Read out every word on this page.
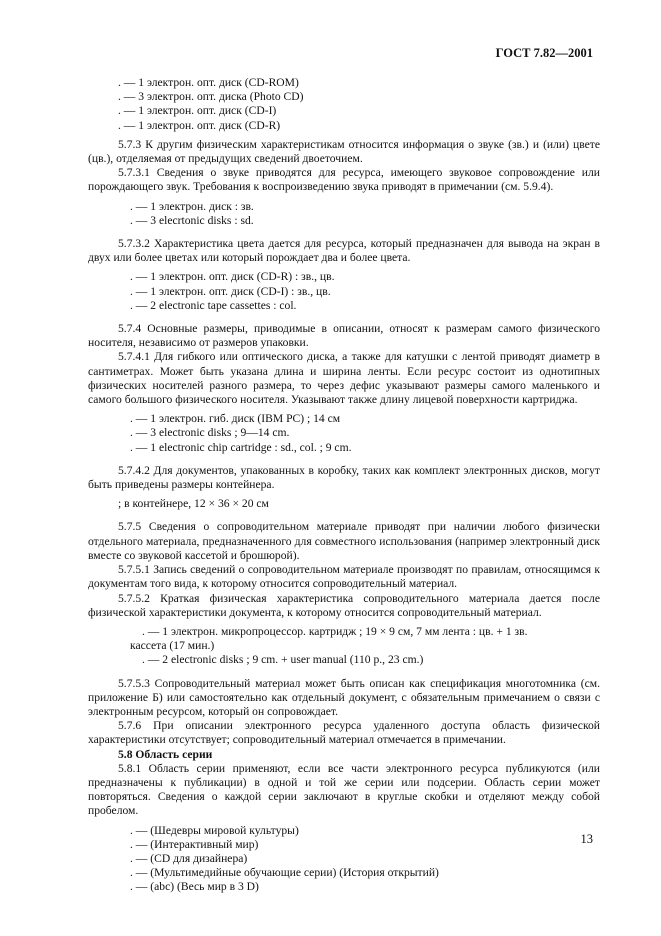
ГОСТ 7.82—2001

. — 1 электрон. опт. диск (CD-ROM)

. — 3 электрон. опт. диска (Photo CD)

. — 1 электрон. опт. диск (CD-I)

. — 1 электрон. опт. диск (CD-R)

5.7.3 К другим физическим характеристикам относится информация о звуке (зв.) и (или) цвете (цв.), отделяемая от предыдущих сведений двоеточием.

5.7.3.1 Сведения о звуке приводятся для ресурса, имеющего звуковое сопровождение или порождающего звук. Требования к воспроизведению звука приводят в примечании (см. 5.9.4).

. — 1 электрон. диск : зв.

. — 3 elecrtonic disks : sd.

5.7.3.2 Характеристика цвета дается для ресурса, который предназначен для вывода на экран в двух или более цветах или который порождает два и более цвета.

. — 1 электрон. опт. диск (CD-R) : зв., цв.

. — 1 электрон. опт. диск (CD-I) : зв., цв.

. — 2 electronic tape cassettes : col.

5.7.4 Основные размеры, приводимые в описании, относят к размерам самого физического носителя, независимо от размеров упаковки.

5.7.4.1 Для гибкого или оптического диска, а также для катушки с лентой приводят диаметр в сантиметрах. Может быть указана длина и ширина ленты. Если ресурс состоит из однотипных физических носителей разного размера, то через дефис указывают размеры самого маленького и самого большого физического носителя. Указывают также длину лицевой поверхности картриджа.

. — 1 электрон. гиб. диск (IBM PC) ; 14 см

. — 3 electronic disks ; 9—14 cm.

. — 1 electronic chip cartridge : sd., col. ; 9 cm.

5.7.4.2 Для документов, упакованных в коробку, таких как комплект электронных дисков, могут быть приведены размеры контейнера.

; в контейнере, 12 × 36 × 20 см

5.7.5 Сведения о сопроводительном материале приводят при наличии любого физически отдельного материала, предназначенного для совместного использования (например электронный диск вместе со звуковой кассетой и брошюрой).

5.7.5.1 Запись сведений о сопроводительном материале производят по правилам, относящимся к документам того вида, к которому относится сопроводительный материал.

5.7.5.2 Краткая физическая характеристика сопроводительного материала дается после физической характеристики документа, к которому относится сопроводительный материал.

. — 1 электрон. микропроцессор. картридж ; 19 × 9 см, 7 мм лента : цв. + 1 зв.

кассета (17 мин.)

. — 2 electronic disks ; 9 cm. + user manual (110 p., 23 cm.)

5.7.5.3 Сопроводительный материал может быть описан как спецификация многотомника (см. приложение Б) или самостоятельно как отдельный документ, с обязательным примечанием о связи с электронным ресурсом, который он сопровождает.

5.7.6 При описании электронного ресурса удаленного доступа область физической характеристики отсутствует; сопроводительный материал отмечается в примечании.

5.8 Область серии

5.8.1 Область серии применяют, если все части электронного ресурса публикуются (или предназначены к публикации) в одной и той же серии или подсерии. Область серии может повторяться. Сведения о каждой серии заключают в круглые скобки и отделяют между собой пробелом.

. — (Шедевры мировой культуры)

. — (Интерактивный мир)

. — (CD для дизайнера)

. — (Мультимедийные обучающие серии) (История открытий)

. — (abc) (Весь мир в 3 D)

13
